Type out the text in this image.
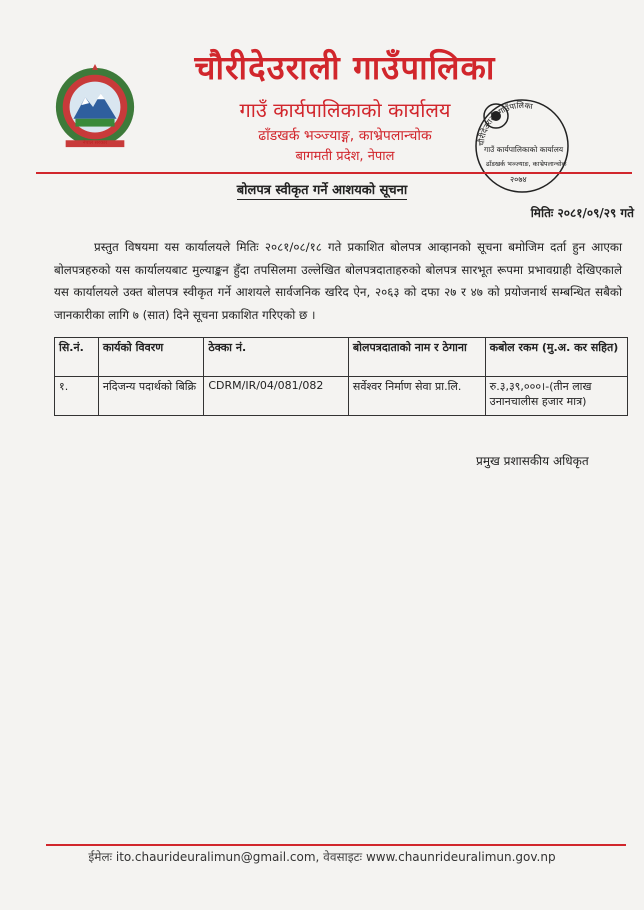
नेपाल सरकार
चौरीदेउराली गाउँपालिका
गाउँ कार्यपालिकाको कार्यालय
ढाँडखर्क भञ्ज्याङ्ग, काभ्रेपलान्चोक
बागमती प्रदेश, नेपाल
चौरीदेउराली गाउँपालिका
गाउँ कार्यपालिकाको कार्यालय
ढाँडखर्क भञ्ज्याङ, काभ्रेपलान्चोक
२०७४
बोलपत्र स्वीकृत गर्ने आशयको सूचना
मितिः २०८१/०९/२९ गते
प्रस्तुत विषयमा यस कार्यालयले मितिः २०८१/०८/१८ गते प्रकाशित बोलपत्र आव्हानको सूचना बमोजिम दर्ता हुन आएका बोलपत्रहरुको यस कार्यालयबाट मुल्याङ्कन हुँदा तपसिलमा उल्लेखित बोलपत्रदाताहरुको बोलपत्र सारभूत रूपमा प्रभावग्राही देखिएकाले यस कार्यालयले उक्त बोलपत्र स्वीकृत गर्ने आशयले सार्वजनिक खरिद ऐन, २०६३ को दफा २७ र ४७ को प्रयोजनार्थ सम्बन्धित सबैको जानकारीका लागि ७ (सात) दिने सूचना प्रकाशित गरिएको छ ।
सि.नं.	कार्यको विवरण	ठेक्का नं.	बोलपत्रदाताको नाम र ठेगाना	कबोल रकम (मु.अ. कर सहित)
१.	नदिजन्य पदार्थको बिक्रि	CDRM/IR/04/081/082	सर्वेश्वर निर्माण सेवा प्रा.लि.	रु.३,३९,०००।-(तीन लाख उनानचालीस हजार मात्र)
प्रमुख प्रशासकीय अधिकृत
ईमेलः ito.chaurideuralimun@gmail.com, वेवसाइटः www.chaunrideuralimun.gov.np
